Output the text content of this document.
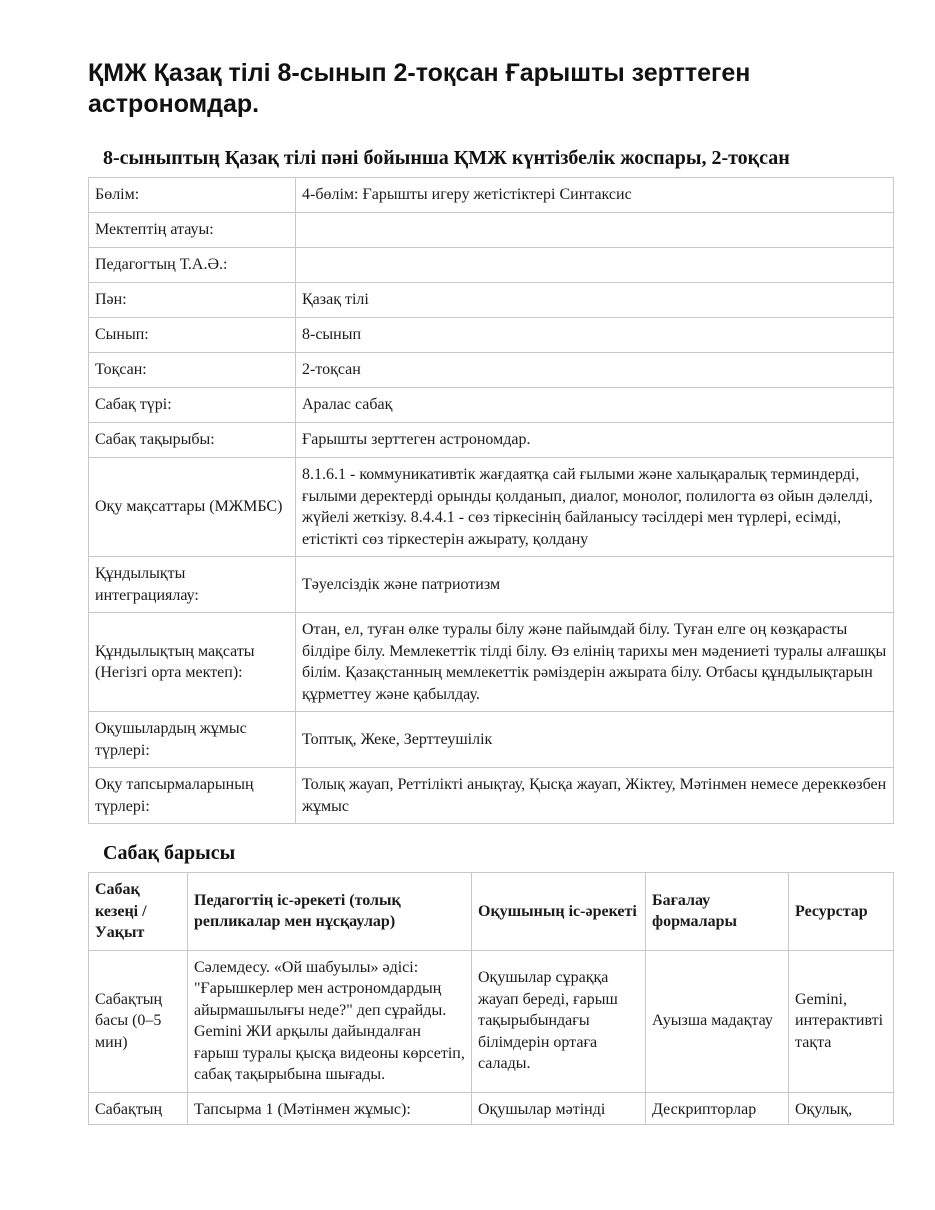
ҚМЖ Қазақ тілі 8-сынып 2-тоқсан Ғарышты зерттеген астрономдар.
8-сыныптың Қазақ тілі пәні бойынша ҚМЖ күнтізбелік жоспары, 2-тоқсан
Бөлім:	4-бөлім: Ғарышты игеру жетістіктері Синтаксис
Мектептің атауы:	
Педагогтың Т.А.Ә.:	
Пән:	Қазақ тілі
Сынып:	8-сынып
Тоқсан:	2-тоқсан
Сабақ түрі:	Аралас сабақ
Сабақ тақырыбы:	Ғарышты зерттеген астрономдар.
Оқу мақсаттары (МЖМБС)	8.1.6.1 - коммуникативтік жағдаятқа сай ғылыми және халықаралық терминдерді, ғылыми деректерді орынды қолданып, диалог, монолог, полилогта өз ойын дәлелді, жүйелі жеткізу. 8.4.4.1 - сөз тіркесінің байланысу тәсілдері мен түрлері, есімді, етістікті сөз тіркестерін ажырату, қолдану
Құндылықты интеграциялау:	Тәуелсіздік және патриотизм
Құндылықтың мақсаты (Негізгі орта мектеп):	Отан, ел, туған өлке туралы білу және пайымдай білу. Туған елге оң көзқарасты білдіре білу. Мемлекеттік тілді білу. Өз елінің тарихы мен мәдениеті туралы алғашқы білім. Қазақстанның мемлекеттік рәміздерін ажырата білу. Отбасы құндылықтарын құрметтеу және қабылдау.
Оқушылардың жұмыс түрлері:	Топтық, Жеке, Зерттеушілік
Оқу тапсырмаларының түрлері:	Толық жауап, Реттілікті анықтау, Қысқа жауап, Жіктеу, Мәтінмен немесе дереккөзбен жұмыс
Сабақ барысы
Сабақ кезеңі / Уақыт	Педагогтің іс-әрекеті (толық репликалар мен нұсқаулар)	Оқушының іс-әрекеті	Бағалау формалары	Ресурстар
Сабақтың басы (0–5 мин)	Сәлемдесу. «Ой шабуылы» әдісі: "Ғарышкерлер мен астрономдардың айырмашылығы неде?" деп сұрайды. Gemini ЖИ арқылы дайындалған ғарыш туралы қысқа видеоны көрсетіп, сабақ тақырыбына шығады.	Оқушылар сұраққа жауап береді, ғарыш тақырыбындағы білімдерін ортаға салады.	Ауызша мадақтау	Gemini, интерактивті тақта
Сабақтың	Тапсырма 1 (Мәтінмен жұмыс):	Оқушылар мәтінді	Дескрипторлар	Оқулық,
